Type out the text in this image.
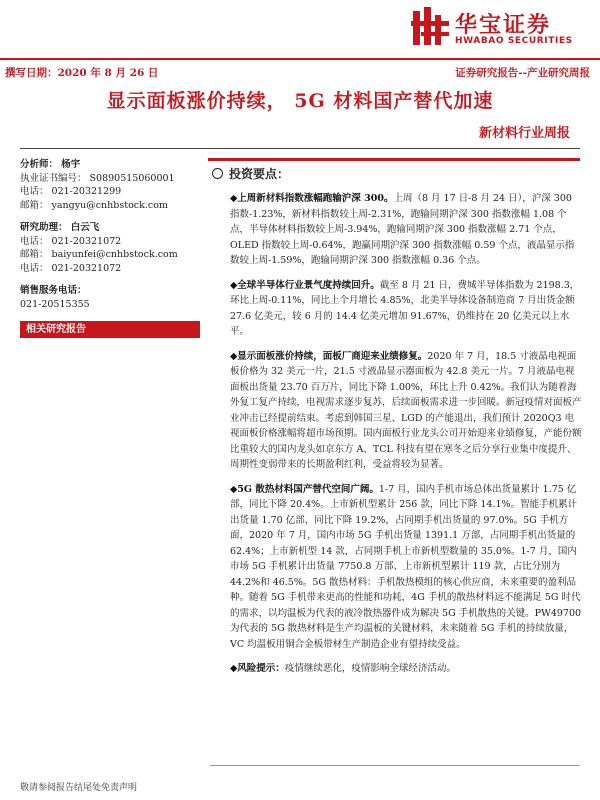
华宝证券
HWABAO SECURITIES
撰写日期：2020 年 8 月 26 日	证券研究报告--产业研究周报
显示面板涨价持续， 5G 材料国产替代加速
新材料行业周报
分析师： 杨宇
执业证书编号： S0890515060001
电话： 021-20321299
邮箱： yangyu@cnhbstock.com
研究助理： 白云飞
电话： 021-20321072
邮箱： baiyunfei@cnhbstock.com
电话： 021-20321072
销售服务电话：
021-20515355
相关研究报告
投资要点：

◆上周新材料指数涨幅跑输沪深 300。上周（8 月 17 日-8 月 24 日），沪深 300 指数-1.23%，新材料指数较上周-2.31%，跑输同期沪深 300 指数涨幅 1.08 个点，半导体材料指数较上周-3.94%，跑输同期沪深 300 指数涨幅 2.71 个点，OLED 指数较上周-0.64%，跑赢同期沪深 300 指数涨幅 0.59 个点，液晶显示指数较上周-1.59%，跑输同期沪深 300 指数涨幅 0.36 个点。

◆全球半导体行业景气度持续回升。截至 8 月 21 日，费城半导体指数为 2198.3，环比上周-0.11%，同比上个月增长 4.85%，北美半导体设备制造商 7 月出货金额 27.6 亿美元，较 6 月的 14.4 亿美元增加 91.67%，仍维持在 20 亿美元以上水平。

◆显示面板涨价持续，面板厂商迎来业绩修复。2020 年 7 月，18.5 寸液晶电视面板价格为 32 美元一片，21.5 寸液晶显示器面板为 42.8 美元一片。7 月液晶电视面板出货量 23.70 百万片，同比下降 1.00%，环比上升 0.42%。我们认为随着海外复工复产持续，电视需求逐步复苏，后续面板需求进一步回暖。新冠疫情对面板产业冲击已经提前结束。考虑到韩国三星、LGD 的产能退出，我们预计 2020Q3 电视面板价格涨幅将超市场预期。国内面板行业龙头公司开始迎来业绩修复，产能份额比重较大的国内龙头如京东方 A、TCL 科技有望在寒冬之后分享行业集中度提升、周期性变弱带来的长期盈利红利，受益将较为显著。

◆5G 散热材料国产替代空间广阔。1-7 月，国内手机市场总体出货量累计 1.75 亿部，同比下降 20.4%。上市新机型累计 256 款，同比下降 14.1%。智能手机累计出货量 1.70 亿部，同比下降 19.2%，占同期手机出货量的 97.0%。5G 手机方面，2020 年 7 月，国内市场 5G 手机出货量 1391.1 万部，占同期手机出货量的 62.4%；上市新机型 14 款，占同期手机上市新机型数量的 35.0%。1-7 月，国内市场 5G 手机累计出货量 7750.8 万部、上市新机型累计 119 款，占比分别为 44.2%和 46.5%。5G 散热材料：手机散热模组的核心供应商，未来重要的盈利品种。随着 5G 手机带来更高的性能和功耗，4G 手机的散热材料远不能满足 5G 时代的需求，以均温板为代表的液冷散热器件成为解决 5G 手机散热的关键。PW49700 为代表的 5G 散热材料是生产均温板的关键材料，未来随着 5G 手机的持续放量，VC 均温板用铜合金板带材生产制造企业有望持续受益。

◆风险提示：疫情继续恶化，疫情影响全球经济活动。

敬请参阅报告结尾处免责声明
